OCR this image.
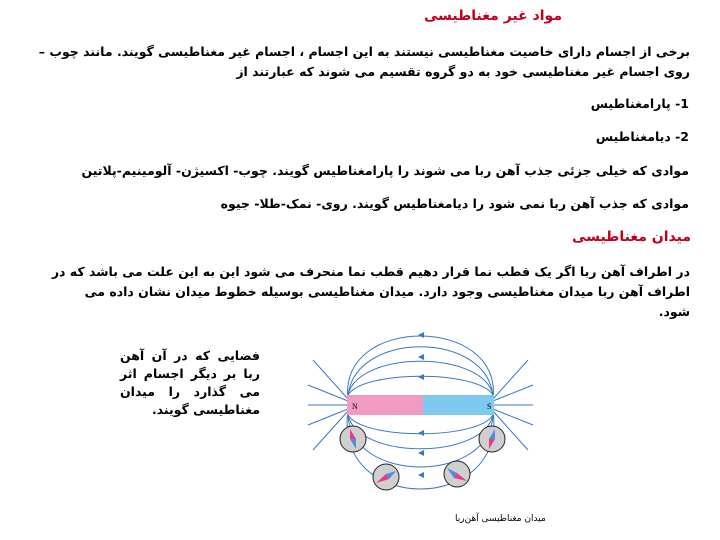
مواد غیر مغناطیسی
برخی از اجسام دارای خاصیت مغناطیسی نیستند به این اجسام ، اجسام غیر مغناطیسی گویند. مانند چوب –روی اجسام غیر مغناطیسی خود به دو گروه تقسیم می شوند که عبارتند از
1- پارامغناطیس
2- دیامغناطیس
موادی که خیلی جزئی جذب آهن ربا می شوند را پارامغناطیس گویند. چوب- اکسیژن- آلومینیم-پلاتین
موادی که جذب آهن ربا نمی شود را دیامغناطیس گویند. روی- نمک-طلا- جیوه
میدان مغناطیسی
در اطراف آهن ربا اگر یک قطب نما قرار دهیم قطب نما منحرف می شود این به این علت می باشد که در اطراف آهن ربا میدان مغناطیسی وجود دارد. میدان مغناطیسی بوسیله خطوط میدان نشان داده می شود.
فضایی که در آن آهن ربا بر دیگر اجسام اثر می گذارد را میدان مغناطیسی گویند.	N	S
میدان مغناطیسی آهن‌ربا
